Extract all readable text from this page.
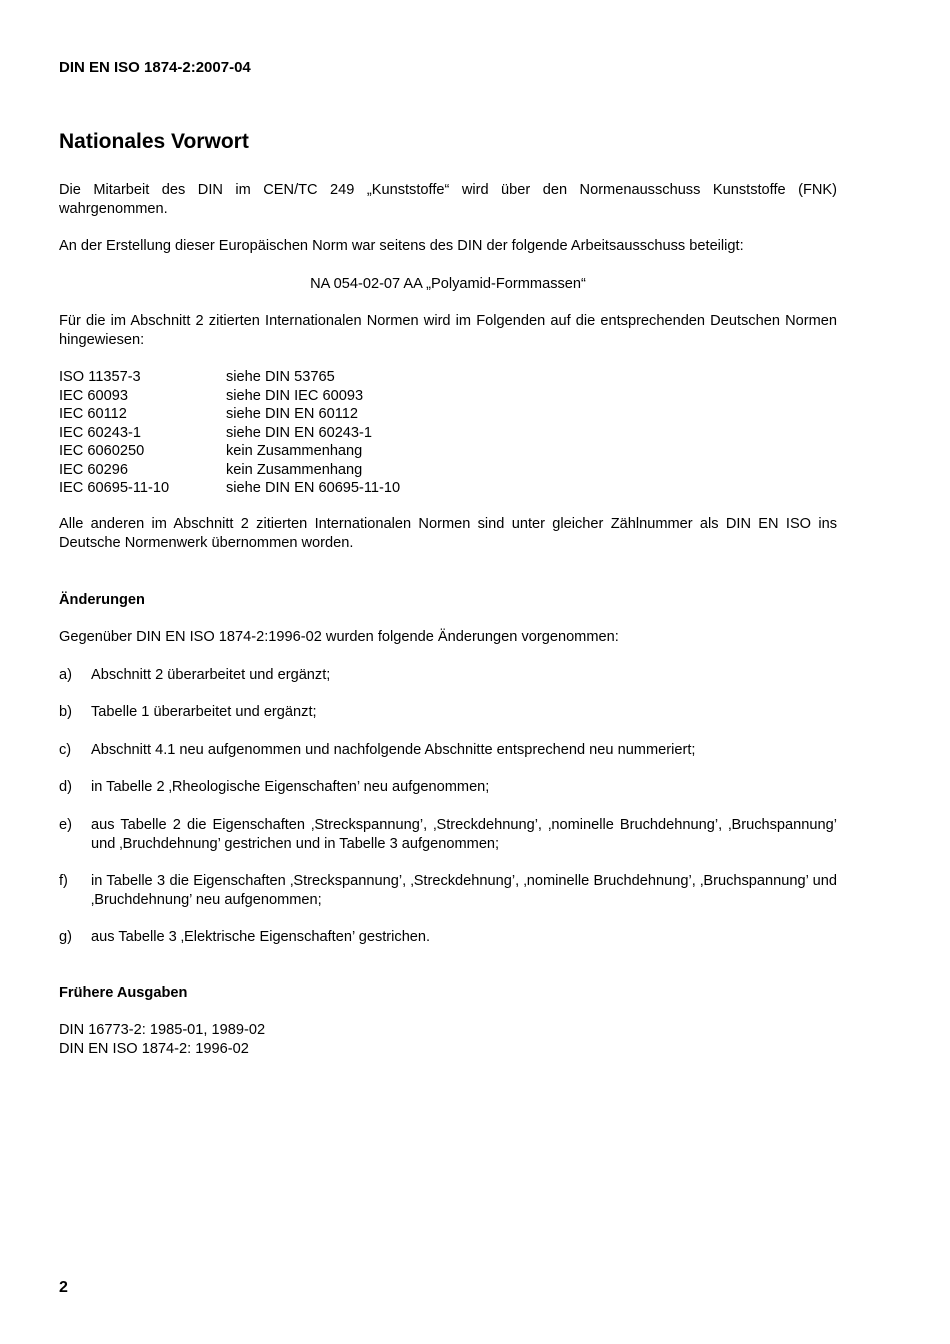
DIN EN ISO 1874-2:2007-04
Nationales Vorwort
Die Mitarbeit des DIN im CEN/TC 249 „Kunststoffe“ wird über den Normenausschuss Kunststoffe (FNK) wahrgenommen.
An der Erstellung dieser Europäischen Norm war seitens des DIN der folgende Arbeitsausschuss beteiligt:
NA 054-02-07 AA „Polyamid-Formmassen“
Für die im Abschnitt 2 zitierten Internationalen Normen wird im Folgenden auf die entsprechenden Deutschen Normen hingewiesen:
ISO 11357-3	siehe DIN 53765
IEC 60093	siehe DIN IEC 60093
IEC 60112	siehe DIN EN 60112
IEC 60243-1	siehe DIN EN 60243-1
IEC 6060250	kein Zusammenhang
IEC 60296	kein Zusammenhang
IEC 60695-11-10	siehe DIN EN 60695-11-10
Alle anderen im Abschnitt 2 zitierten Internationalen Normen sind unter gleicher Zählnummer als DIN EN ISO ins Deutsche Normenwerk übernommen worden.
Änderungen
Gegenüber DIN EN ISO 1874-2:1996-02 wurden folgende Änderungen vorgenommen:
a)	Abschnitt 2 überarbeitet und ergänzt;
b)	Tabelle 1 überarbeitet und ergänzt;
c)	Abschnitt 4.1 neu aufgenommen und nachfolgende Abschnitte entsprechend neu nummeriert;
d)	in Tabelle 2 ‚Rheologische Eigenschaften’ neu aufgenommen;
e)	aus Tabelle 2 die Eigenschaften ‚Streckspannung’, ‚Streckdehnung’, ‚nominelle Bruchdehnung’, ‚Bruchspannung’ und ‚Bruchdehnung’ gestrichen und in Tabelle 3 aufgenommen;
f)	in Tabelle 3 die Eigenschaften ‚Streckspannung’, ‚Streckdehnung’, ‚nominelle Bruchdehnung’, ‚Bruchspannung’ und ‚Bruchdehnung’ neu aufgenommen;
g)	aus Tabelle 3 ‚Elektrische Eigenschaften’ gestrichen.
Frühere Ausgaben
DIN 16773-2: 1985-01, 1989-02
DIN EN ISO 1874-2: 1996-02
2
